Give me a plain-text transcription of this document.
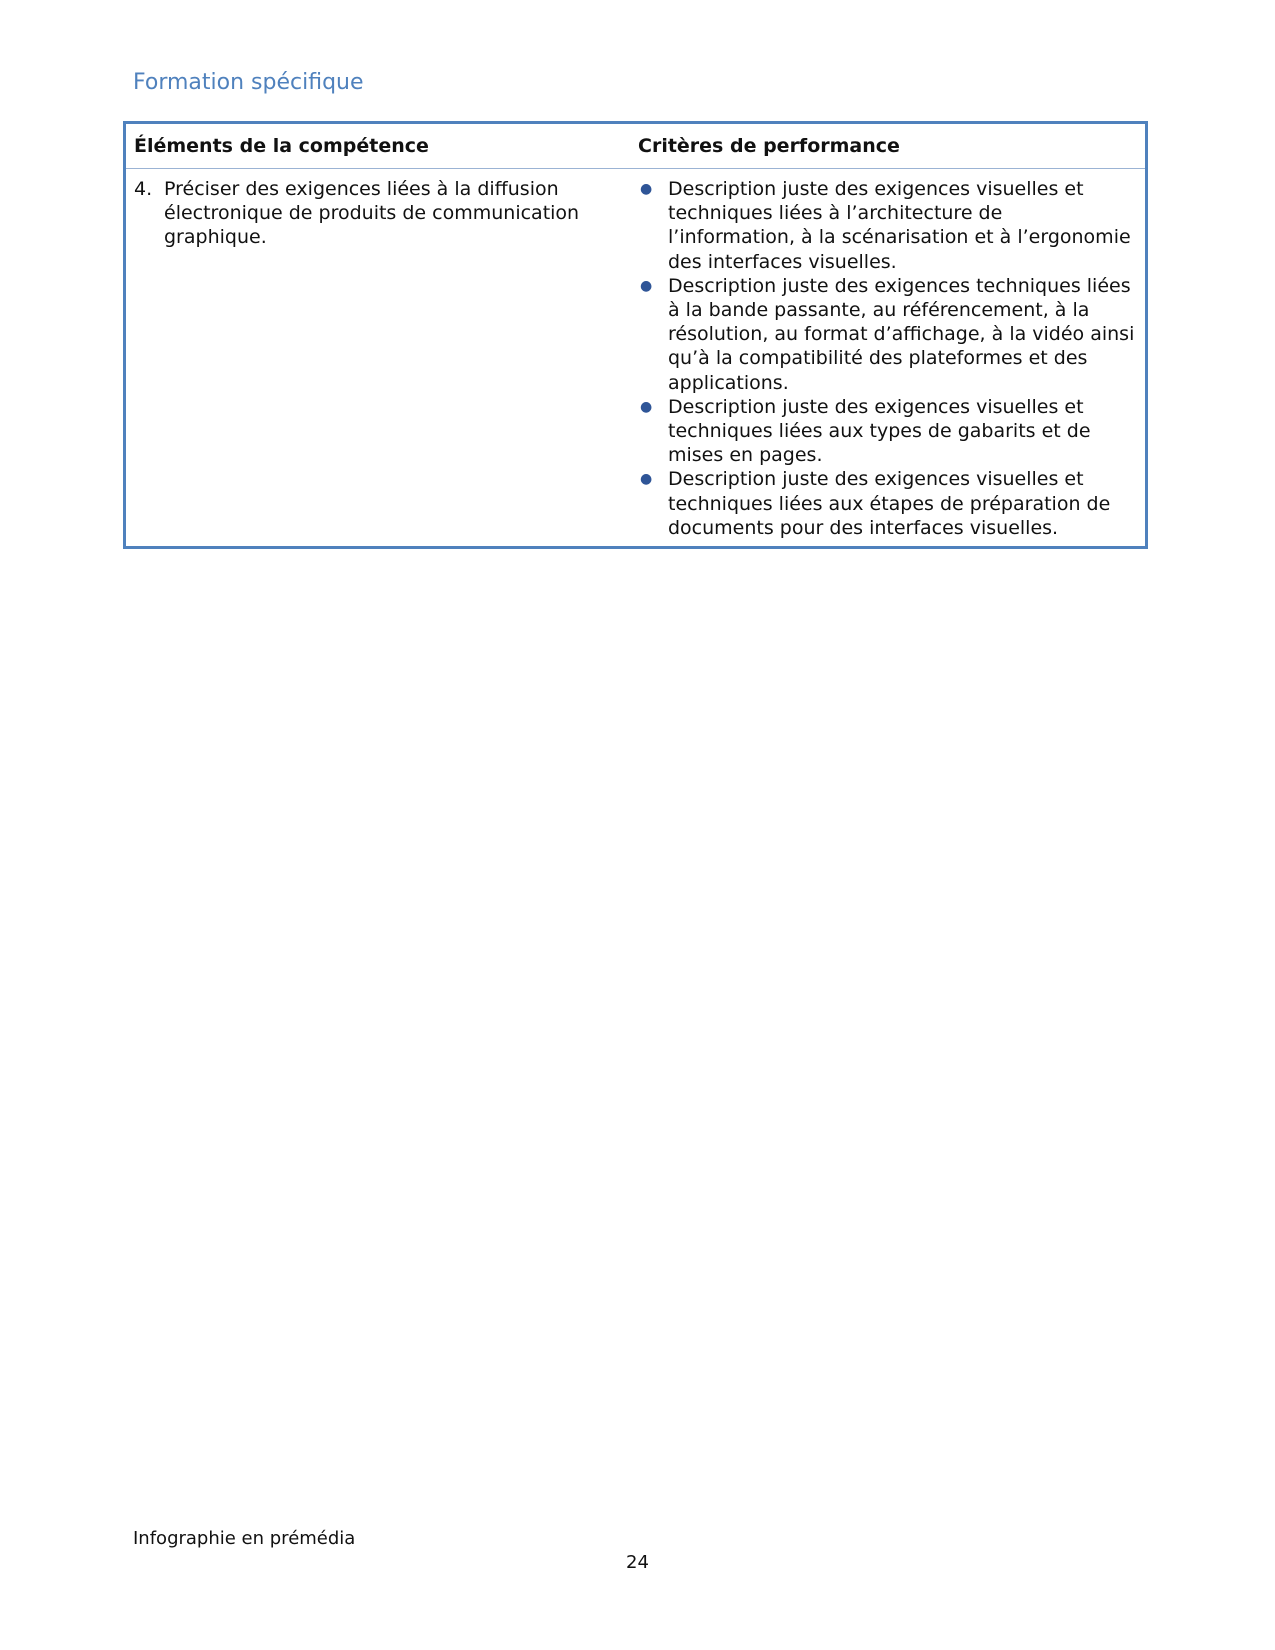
Formation spécifique
Éléments de la compétence	Critères de performance
4. Préciser des exigences liées à la diffusion électronique de produits de communication graphique.
● Description juste des exigences visuelles et techniques liées à l’architecture de l’information, à la scénarisation et à l’ergonomie des interfaces visuelles.
● Description juste des exigences techniques liées à la bande passante, au référencement, à la résolution, au format d’affichage, à la vidéo ainsi qu’à la compatibilité des plateformes et des applications.
● Description juste des exigences visuelles et techniques liées aux types de gabarits et de mises en pages.
● Description juste des exigences visuelles et techniques liées aux étapes de préparation de documents pour des interfaces visuelles.
Infographie en prémédia
24
